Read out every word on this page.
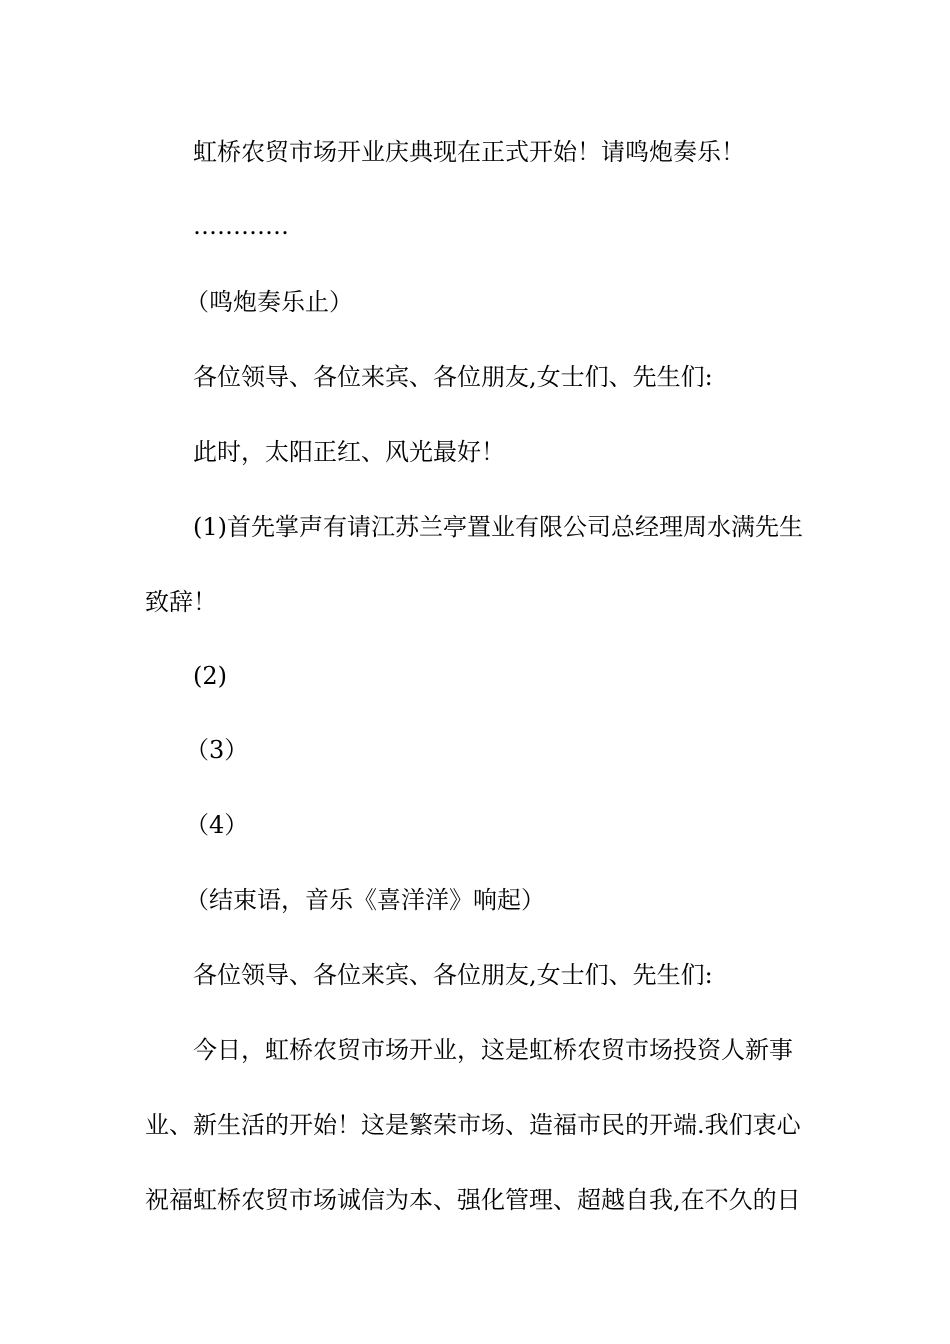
虹桥农贸市场开业庆典现在正式开始！请鸣炮奏乐！
…………
（鸣炮奏乐止）
各位领导、各位来宾、各位朋友,女士们、先生们:
此时，太阳正红、风光最好！
(1)首先掌声有请江苏兰亭置业有限公司总经理周水满先生
致辞！
(2)
（3）
（4）
（结束语，音乐《喜洋洋》响起）
各位领导、各位来宾、各位朋友,女士们、先生们:
今日，虹桥农贸市场开业，这是虹桥农贸市场投资人新事
业、新生活的开始！这是繁荣市场、造福市民的开端.我们衷心
祝福虹桥农贸市场诚信为本、强化管理、超越自我,在不久的日
